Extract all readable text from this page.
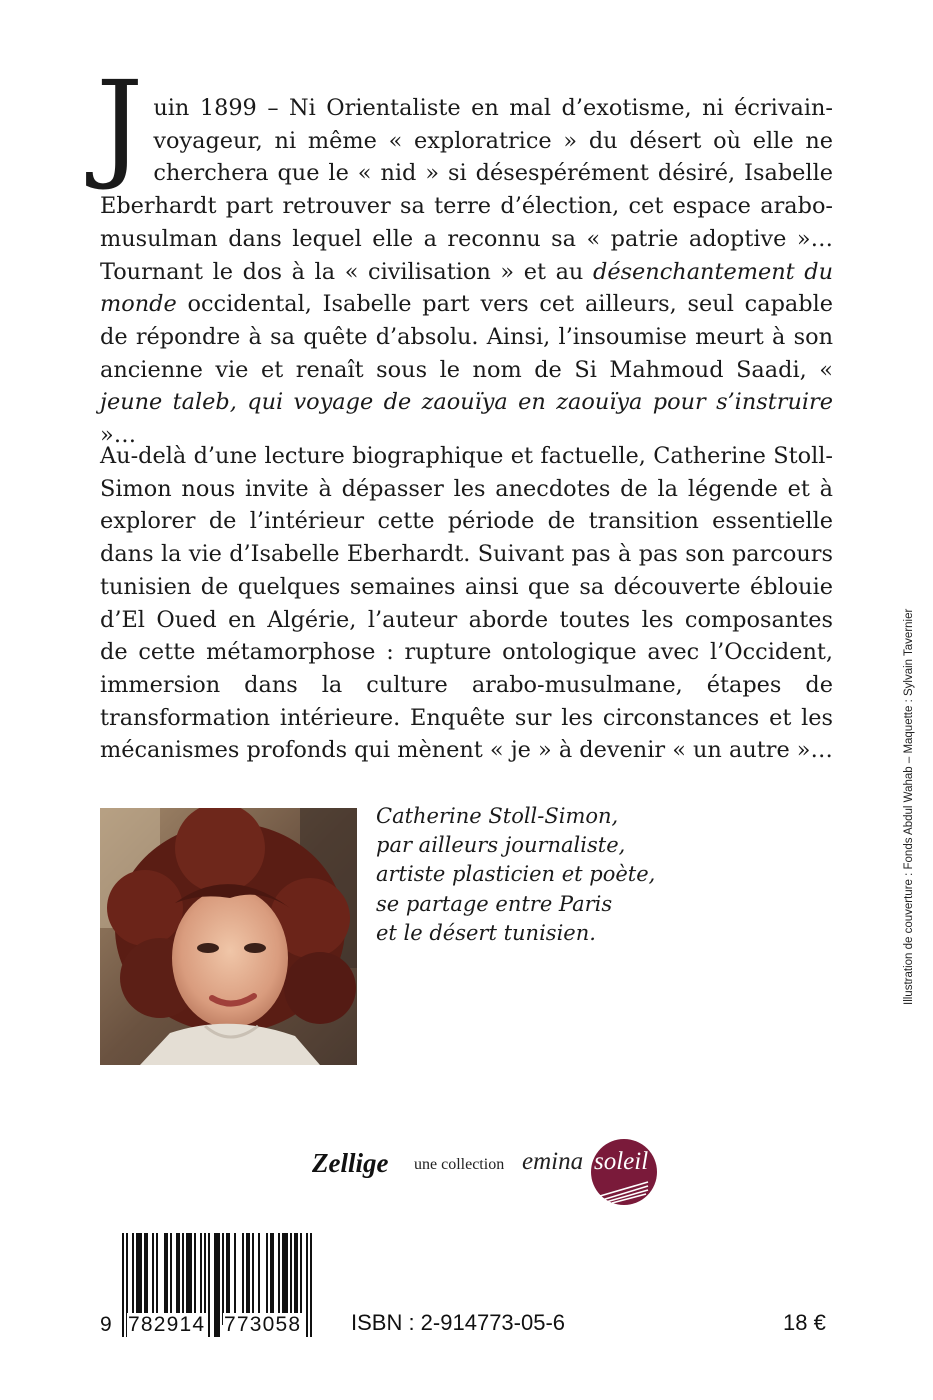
Juin 1899 – Ni Orientaliste en mal d’exotisme, ni écrivain-voyageur, ni même « exploratrice » du désert où elle ne cherchera que le « nid » si désespérément désiré, Isabelle Eberhardt part retrouver sa terre d’élection, cet espace arabo-musulman dans lequel elle a reconnu sa « patrie adoptive »… Tournant le dos à la « civilisation » et au désenchantement du monde occidental, Isabelle part vers cet ailleurs, seul capable de répondre à sa quête d’absolu. Ainsi, l’insoumise meurt à son ancienne vie et renaît sous le nom de Si Mahmoud Saadi, « jeune taleb, qui voyage de zaouïya en zaouïya pour s’instruire »…
Au-delà d’une lecture biographique et factuelle, Catherine Stoll-Simon nous invite à dépasser les anecdotes de la légende et à explorer de l’intérieur cette période de transition essentielle dans la vie d’Isabelle Eberhardt. Suivant pas à pas son parcours tunisien de quelques semaines ainsi que sa découverte éblouie d’El Oued en Algérie, l’auteur aborde toutes les composantes de cette métamorphose : rupture ontologique avec l’Occident, immersion dans la culture arabo-musulmane, étapes de transformation intérieure. Enquête sur les circonstances et les mécanismes profonds qui mènent « je » à devenir « un autre »…
Catherine Stoll-Simon,
par ailleurs journaliste,
artiste plasticien et poète,
se partage entre Paris
et le désert tunisien.	Illustration de couverture : Fonds Abdul Wahab – Maquette : Sylvain Tavernier
Zellige une collection emina soleil
9 782914 773058 ISBN : 2-914773-05-6	18 €
